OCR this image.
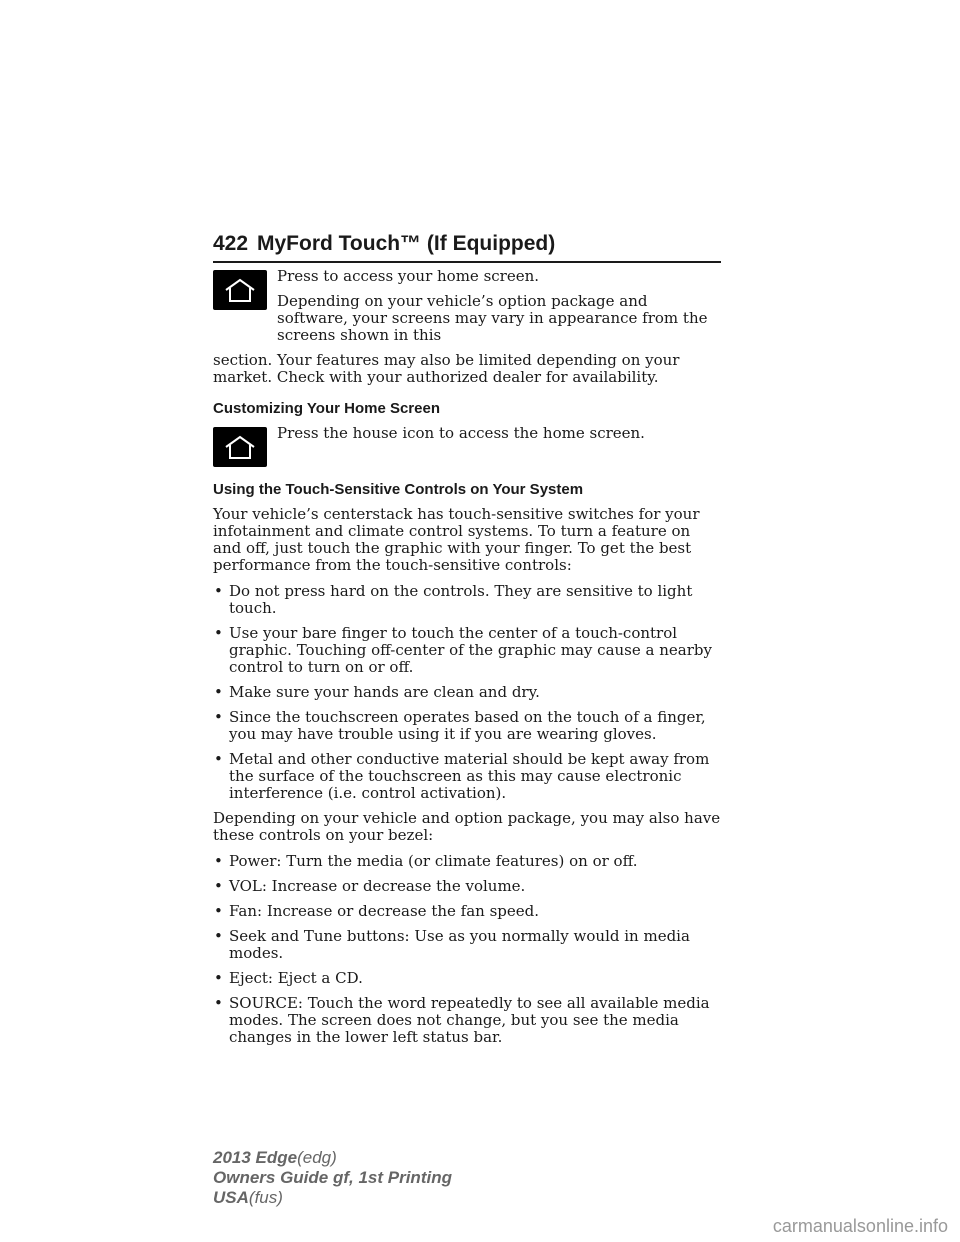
422 MyFord Touch™ (If Equipped)

Press to access your home screen.

Depending on your vehicle’s option package and software, your screens may vary in appearance from the screens shown in this

section. Your features may also be limited depending on your market. Check with your authorized dealer for availability.

Customizing Your Home Screen

Press the house icon to access the home screen.

Using the Touch-Sensitive Controls on Your System

Your vehicle’s centerstack has touch-sensitive switches for your infotainment and climate control systems. To turn a feature on and off, just touch the graphic with your finger. To get the best performance from the touch-sensitive controls:

• Do not press hard on the controls. They are sensitive to light touch.
• Use your bare finger to touch the center of a touch-control graphic. Touching off-center of the graphic may cause a nearby control to turn on or off.
• Make sure your hands are clean and dry.
• Since the touchscreen operates based on the touch of a finger, you may have trouble using it if you are wearing gloves.
• Metal and other conductive material should be kept away from the surface of the touchscreen as this may cause electronic interference (i.e. control activation).

Depending on your vehicle and option package, you may also have these controls on your bezel:

• Power: Turn the media (or climate features) on or off.
• VOL: Increase or decrease the volume.
• Fan: Increase or decrease the fan speed.
• Seek and Tune buttons: Use as you normally would in media modes.
• Eject: Eject a CD.
• SOURCE: Touch the word repeatedly to see all available media modes. The screen does not change, but you see the media changes in the lower left status bar.
2013 Edge(edg)
Owners Guide gf, 1st Printing
USA(fus)
carmanualsonline.info
